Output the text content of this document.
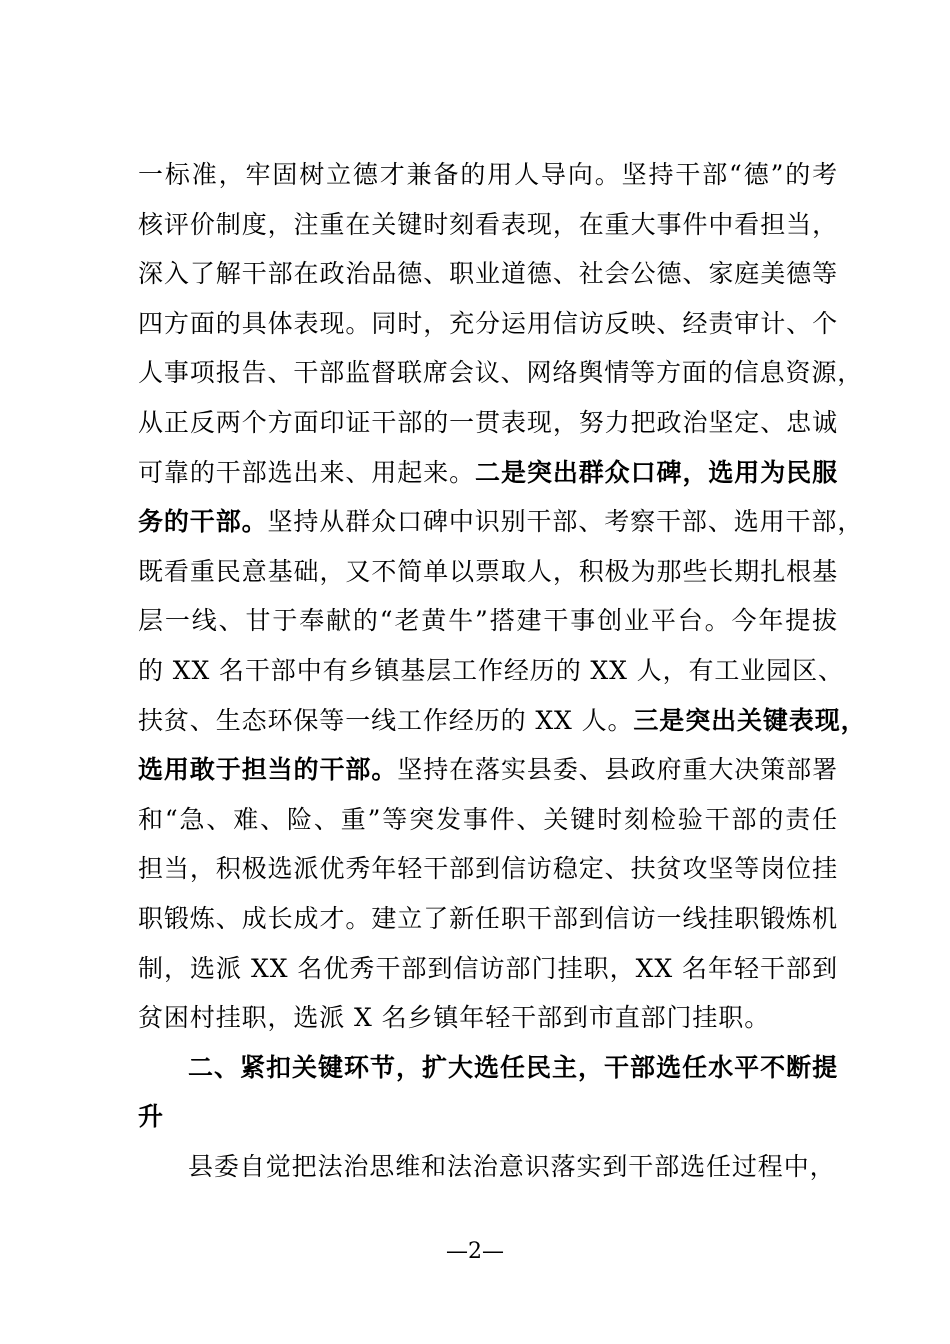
一标准，牢固树立德才兼备的用人导向。坚持干部“德”的考
核评价制度，注重在关键时刻看表现，在重大事件中看担当，
深入了解干部在政治品德、职业道德、社会公德、家庭美德等
四方面的具体表现。同时，充分运用信访反映、经责审计、个
人事项报告、干部监督联席会议、网络舆情等方面的信息资源，
从正反两个方面印证干部的一贯表现，努力把政治坚定、忠诚
可靠的干部选出来、用起来。二是突出群众口碑，选用为民服
务的干部。坚持从群众口碑中识别干部、考察干部、选用干部，
既看重民意基础，又不简单以票取人，积极为那些长期扎根基
层一线、甘于奉献的“老黄牛”搭建干事创业平台。今年提拔
的 XX 名干部中有乡镇基层工作经历的 XX 人，有工业园区、
扶贫、生态环保等一线工作经历的 XX 人。三是突出关键表现，
选用敢于担当的干部。坚持在落实县委、县政府重大决策部署
和“急、难、险、重”等突发事件、关键时刻检验干部的责任
担当，积极选派优秀年轻干部到信访稳定、扶贫攻坚等岗位挂
职锻炼、成长成才。建立了新任职干部到信访一线挂职锻炼机
制，选派 XX 名优秀干部到信访部门挂职，XX 名年轻干部到
贫困村挂职，选派 X 名乡镇年轻干部到市直部门挂职。
二、紧扣关键环节，扩大选任民主，干部选任水平不断提
升
县委自觉把法治思维和法治意识落实到干部选任过程中，
—2—
